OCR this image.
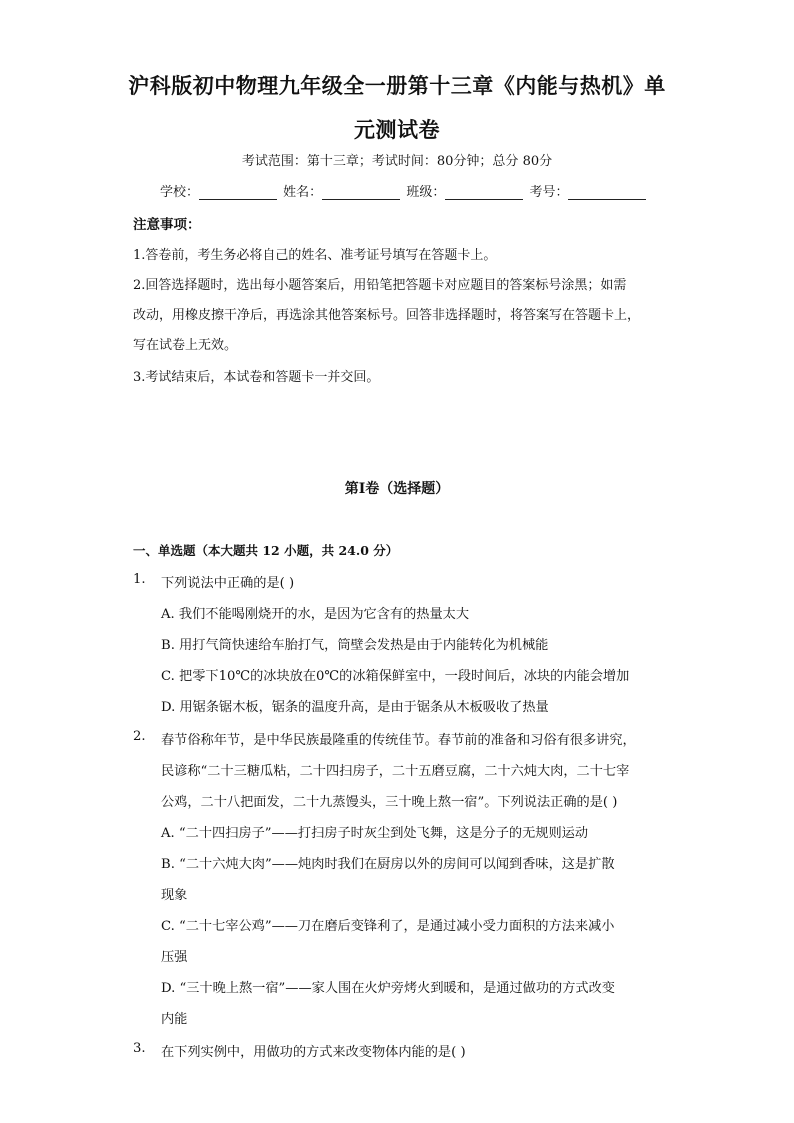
沪科版初中物理九年级全一册第十三章《内能与热机》单
元测试卷
考试范围：第十三章；考试时间：80分钟；总分 80分
学校：	姓名：	班级：	考号：
注意事项：
1.答卷前，考生务必将自己的姓名、准考证号填写在答题卡上。
2.回答选择题时，选出每小题答案后，用铅笔把答题卡对应题目的答案标号涂黑；如需
改动，用橡皮擦干净后，再选涂其他答案标号。回答非选择题时，将答案写在答题卡上，
写在试卷上无效。
3.考试结束后，本试卷和答题卡一并交回。
第Ⅰ卷（选择题）
一、单选题（本大题共 12 小题，共 24.0 分）
1. 下列说法中正确的是( )
A. 我们不能喝刚烧开的水，是因为它含有的热量太大
B. 用打气筒快速给车胎打气，筒壁会发热是由于内能转化为机械能
C. 把零下10℃的冰块放在0℃的冰箱保鲜室中，一段时间后，冰块的内能会增加
D. 用锯条锯木板，锯条的温度升高，是由于锯条从木板吸收了热量
2. 春节俗称年节，是中华民族最隆重的传统佳节。春节前的准备和习俗有很多讲究，
民谚称“二十三糖瓜粘，二十四扫房子，二十五磨豆腐，二十六炖大肉，二十七宰
公鸡，二十八把面发，二十九蒸馒头，三十晚上熬一宿”。下列说法正确的是( )
A. “二十四扫房子”——打扫房子时灰尘到处飞舞，这是分子的无规则运动
B. “二十六炖大肉”——炖肉时我们在厨房以外的房间可以闻到香味，这是扩散
现象
C. “二十七宰公鸡”——刀在磨后变锋利了，是通过减小受力面积的方法来减小
压强
D. “三十晚上熬一宿”——家人围在火炉旁烤火到暖和，是通过做功的方式改变
内能
3. 在下列实例中，用做功的方式来改变物体内能的是( )
